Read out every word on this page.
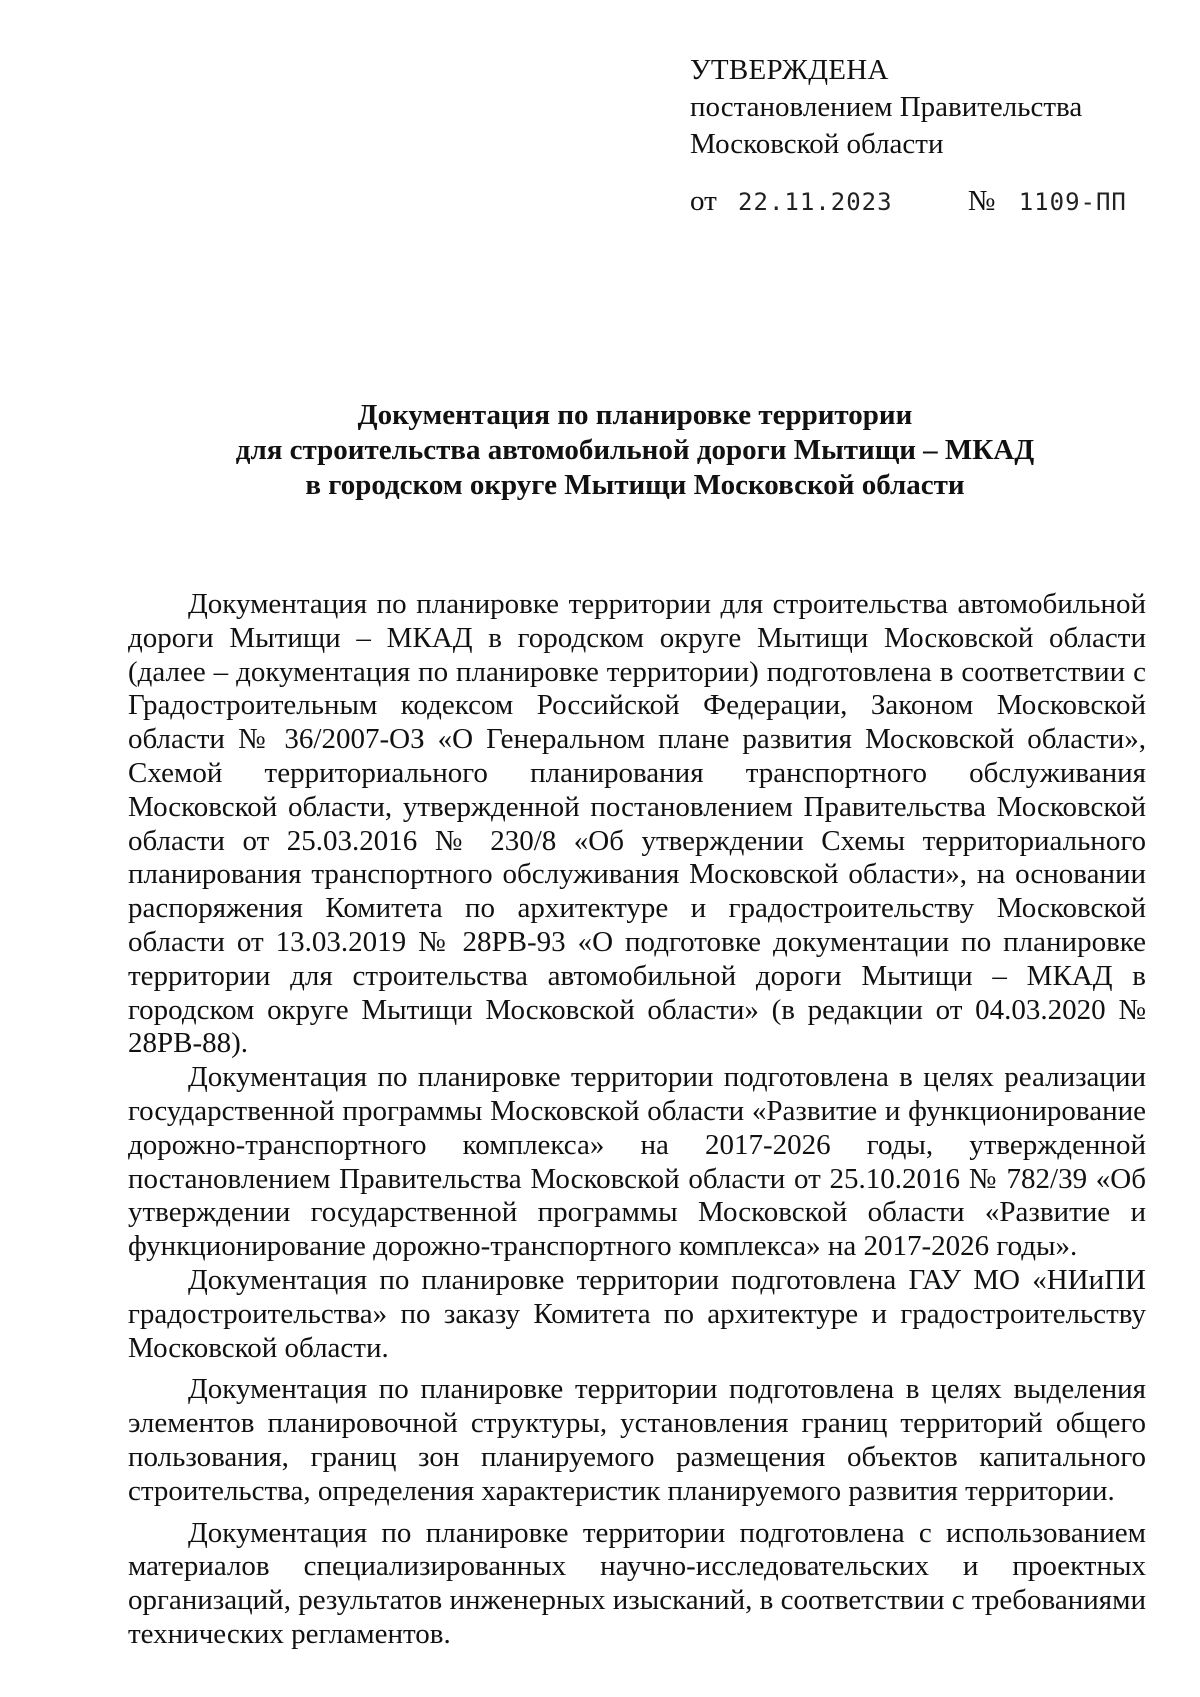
УТВЕРЖДЕНА
постановлением Правительства
Московской области
от 22.11.2023	№ 1109-ПП
Документация по планировке территории
для строительства автомобильной дороги Мытищи – МКАД
в городском округе Мытищи Московской области

Документация по планировке территории для строительства автомобильной дороги Мытищи – МКАД в городском округе Мытищи Московской области (далее – документация по планировке территории) подготовлена в соответствии с Градостроительным кодексом Российской Федерации, Законом Московской области № 36/2007-ОЗ «О Генеральном плане развития Московской области», Схемой территориального планирования транспортного обслуживания Московской области, утвержденной постановлением Правительства Московской области от 25.03.2016 № 230/8 «Об утверждении Схемы территориального планирования транспортного обслуживания Московской области», на основании распоряжения Комитета по архитектуре и градостроительству Московской области от 13.03.2019 № 28РВ-93 «О подготовке документации по планировке территории для строительства автомобильной дороги Мытищи – МКАД в городском округе Мытищи Московской области» (в редакции от 04.03.2020 № 28РВ-88).

Документация по планировке территории подготовлена в целях реализации государственной программы Московской области «Развитие и функционирование дорожно-транспортного комплекса» на 2017-2026 годы, утвержденной постановлением Правительства Московской области от 25.10.2016 № 782/39 «Об утверждении государственной программы Московской области «Развитие и функционирование дорожно-транспортного комплекса» на 2017-2026 годы».

Документация по планировке территории подготовлена ГАУ МО «НИиПИ градостроительства» по заказу Комитета по архитектуре и градостроительству Московской области.

Документация по планировке территории подготовлена в целях выделения элементов планировочной структуры, установления границ территорий общего пользования, границ зон планируемого размещения объектов капитального строительства, определения характеристик планируемого развития территории.

Документация по планировке территории подготовлена с использованием материалов специализированных научно-исследовательских и проектных организаций, результатов инженерных изысканий, в соответствии с требованиями технических регламентов.
